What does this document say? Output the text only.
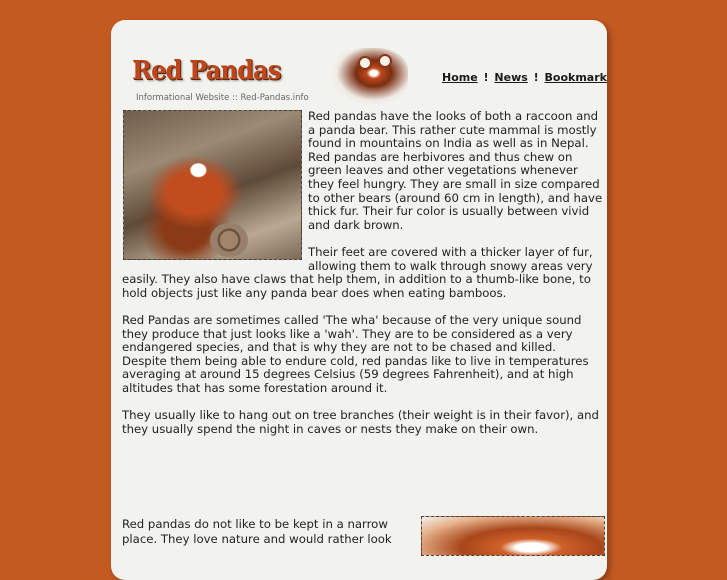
Red Pandas
Informational Website :: Red-Pandas.info
Home ! News ! Bookmark

Red pandas have the looks of both a raccoon and a panda bear. This rather cute mammal is mostly found in mountains on India as well as in Nepal. Red pandas are herbivores and thus chew on green leaves and other vegetations whenever they feel hungry. They are small in size compared to other bears (around 60 cm in length), and have thick fur. Their fur color is usually between vivid and dark brown.

Their feet are covered with a thicker layer of fur, allowing them to walk through snowy areas very easily. They also have claws that help them, in addition to a thumb-like bone, to hold objects just like any panda bear does when eating bamboos.

Red Pandas are sometimes called 'The wha' because of the very unique sound they produce that just looks like a 'wah'. They are to be considered as a very endangered species, and that is why they are not to be chased and killed.

Despite them being able to endure cold, red pandas like to live in temperatures averaging at around 15 degrees Celsius (59 degrees Fahrenheit), and at high altitudes that has some forestation around it.

They usually like to hang out on tree branches (their weight is in their favor), and they usually spend the night in caves or nests they make on their own.

Red pandas do not like to be kept in a narrow place. They love nature and would rather look
